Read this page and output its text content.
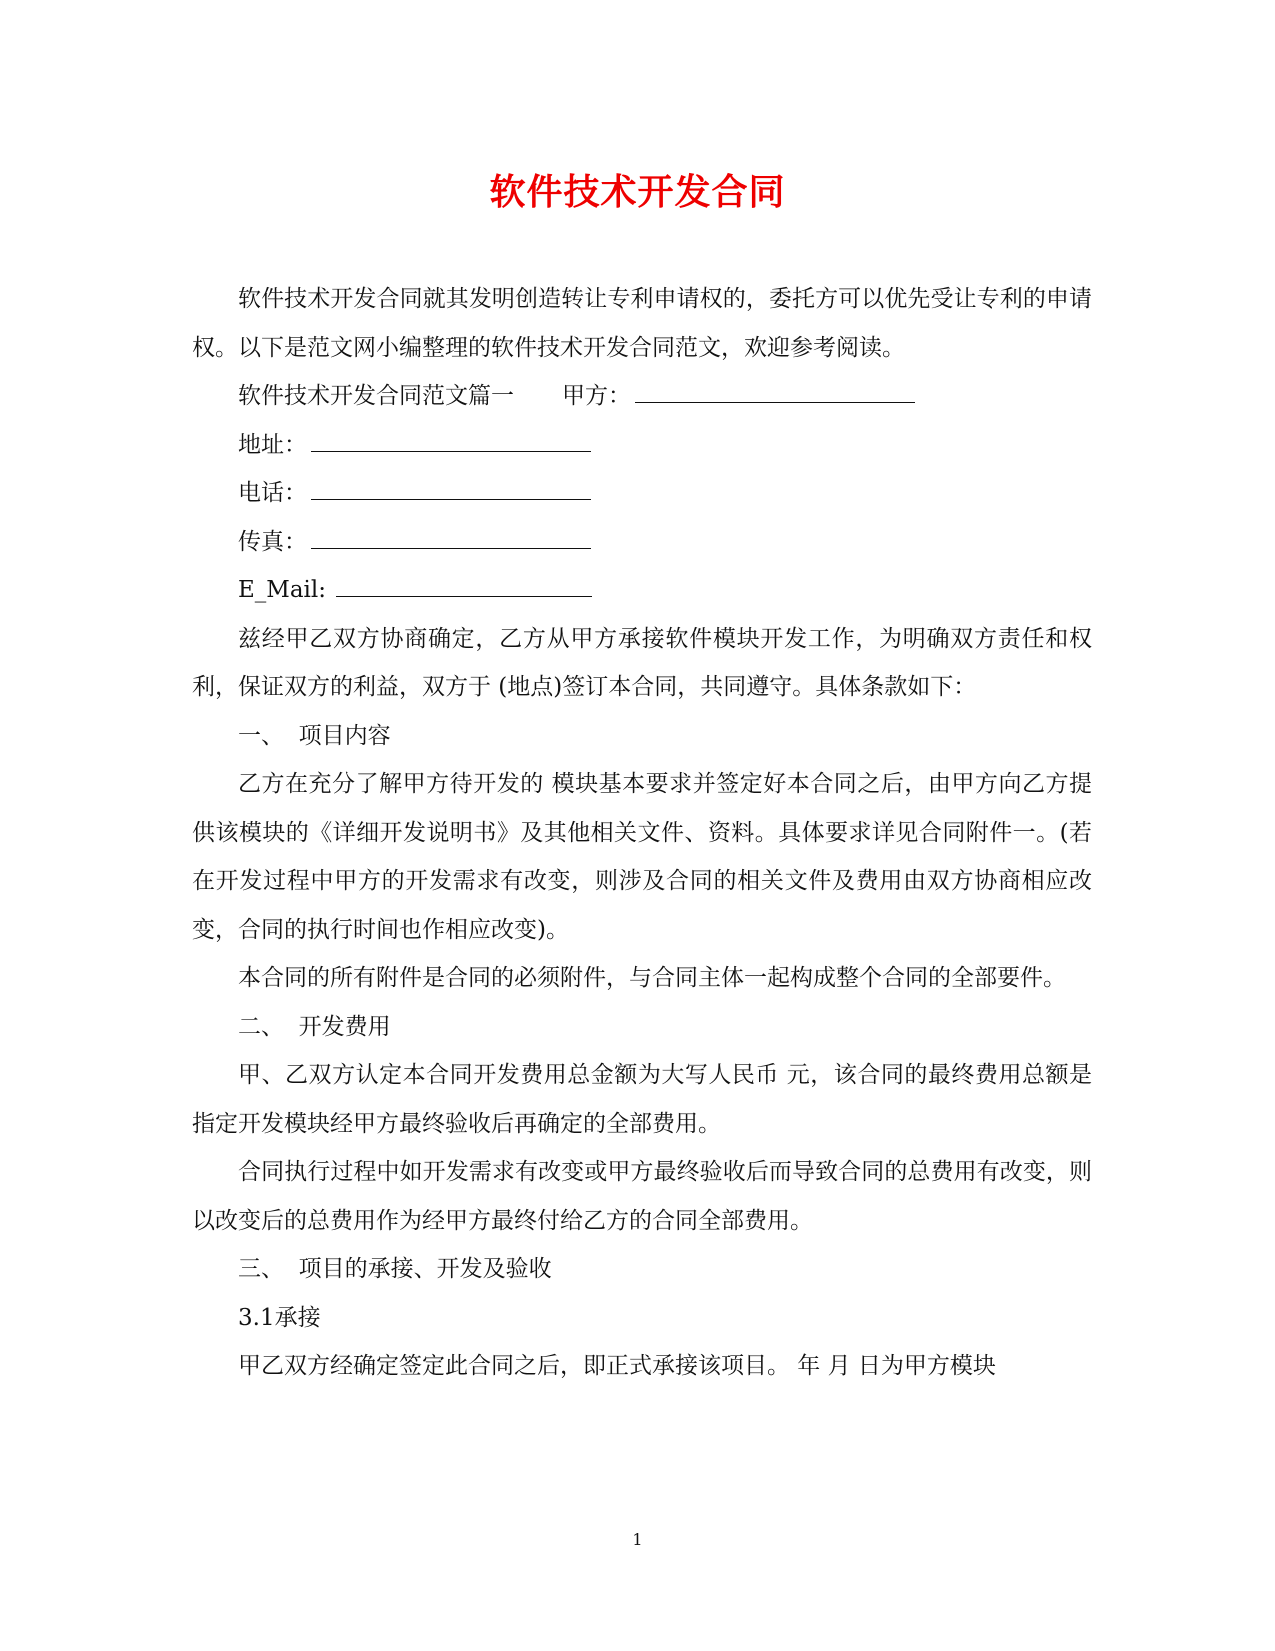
软件技术开发合同

软件技术开发合同就其发明创造转让专利申请权的，委托方可以优先受让专利的申请权。以下是范文网小编整理的软件技术开发合同范文，欢迎参考阅读。

软件技术开发合同范文篇一 甲方：
地址：
电话：
传真：
E_Mail:

兹经甲乙双方协商确定，乙方从甲方承接软件模块开发工作，为明确双方责任和权利，保证双方的利益，双方于 (地点)签订本合同，共同遵守。具体条款如下：

一、  项目内容

乙方在充分了解甲方待开发的 模块基本要求并签定好本合同之后，由甲方向乙方提供该模块的《详细开发说明书》及其他相关文件、资料。具体要求详见合同附件一。(若在开发过程中甲方的开发需求有改变，则涉及合同的相关文件及费用由双方协商相应改变，合同的执行时间也作相应改变)。

本合同的所有附件是合同的必须附件，与合同主体一起构成整个合同的全部要件。

二、  开发费用

甲、乙双方认定本合同开发费用总金额为大写人民币 元，该合同的最终费用总额是指定开发模块经甲方最终验收后再确定的全部费用。

合同执行过程中如开发需求有改变或甲方最终验收后而导致合同的总费用有改变，则以改变后的总费用作为经甲方最终付给乙方的合同全部费用。

三、  项目的承接、开发及验收
3.1承接

甲乙双方经确定签定此合同之后，即正式承接该项目。 年 月 日为甲方模块

1
